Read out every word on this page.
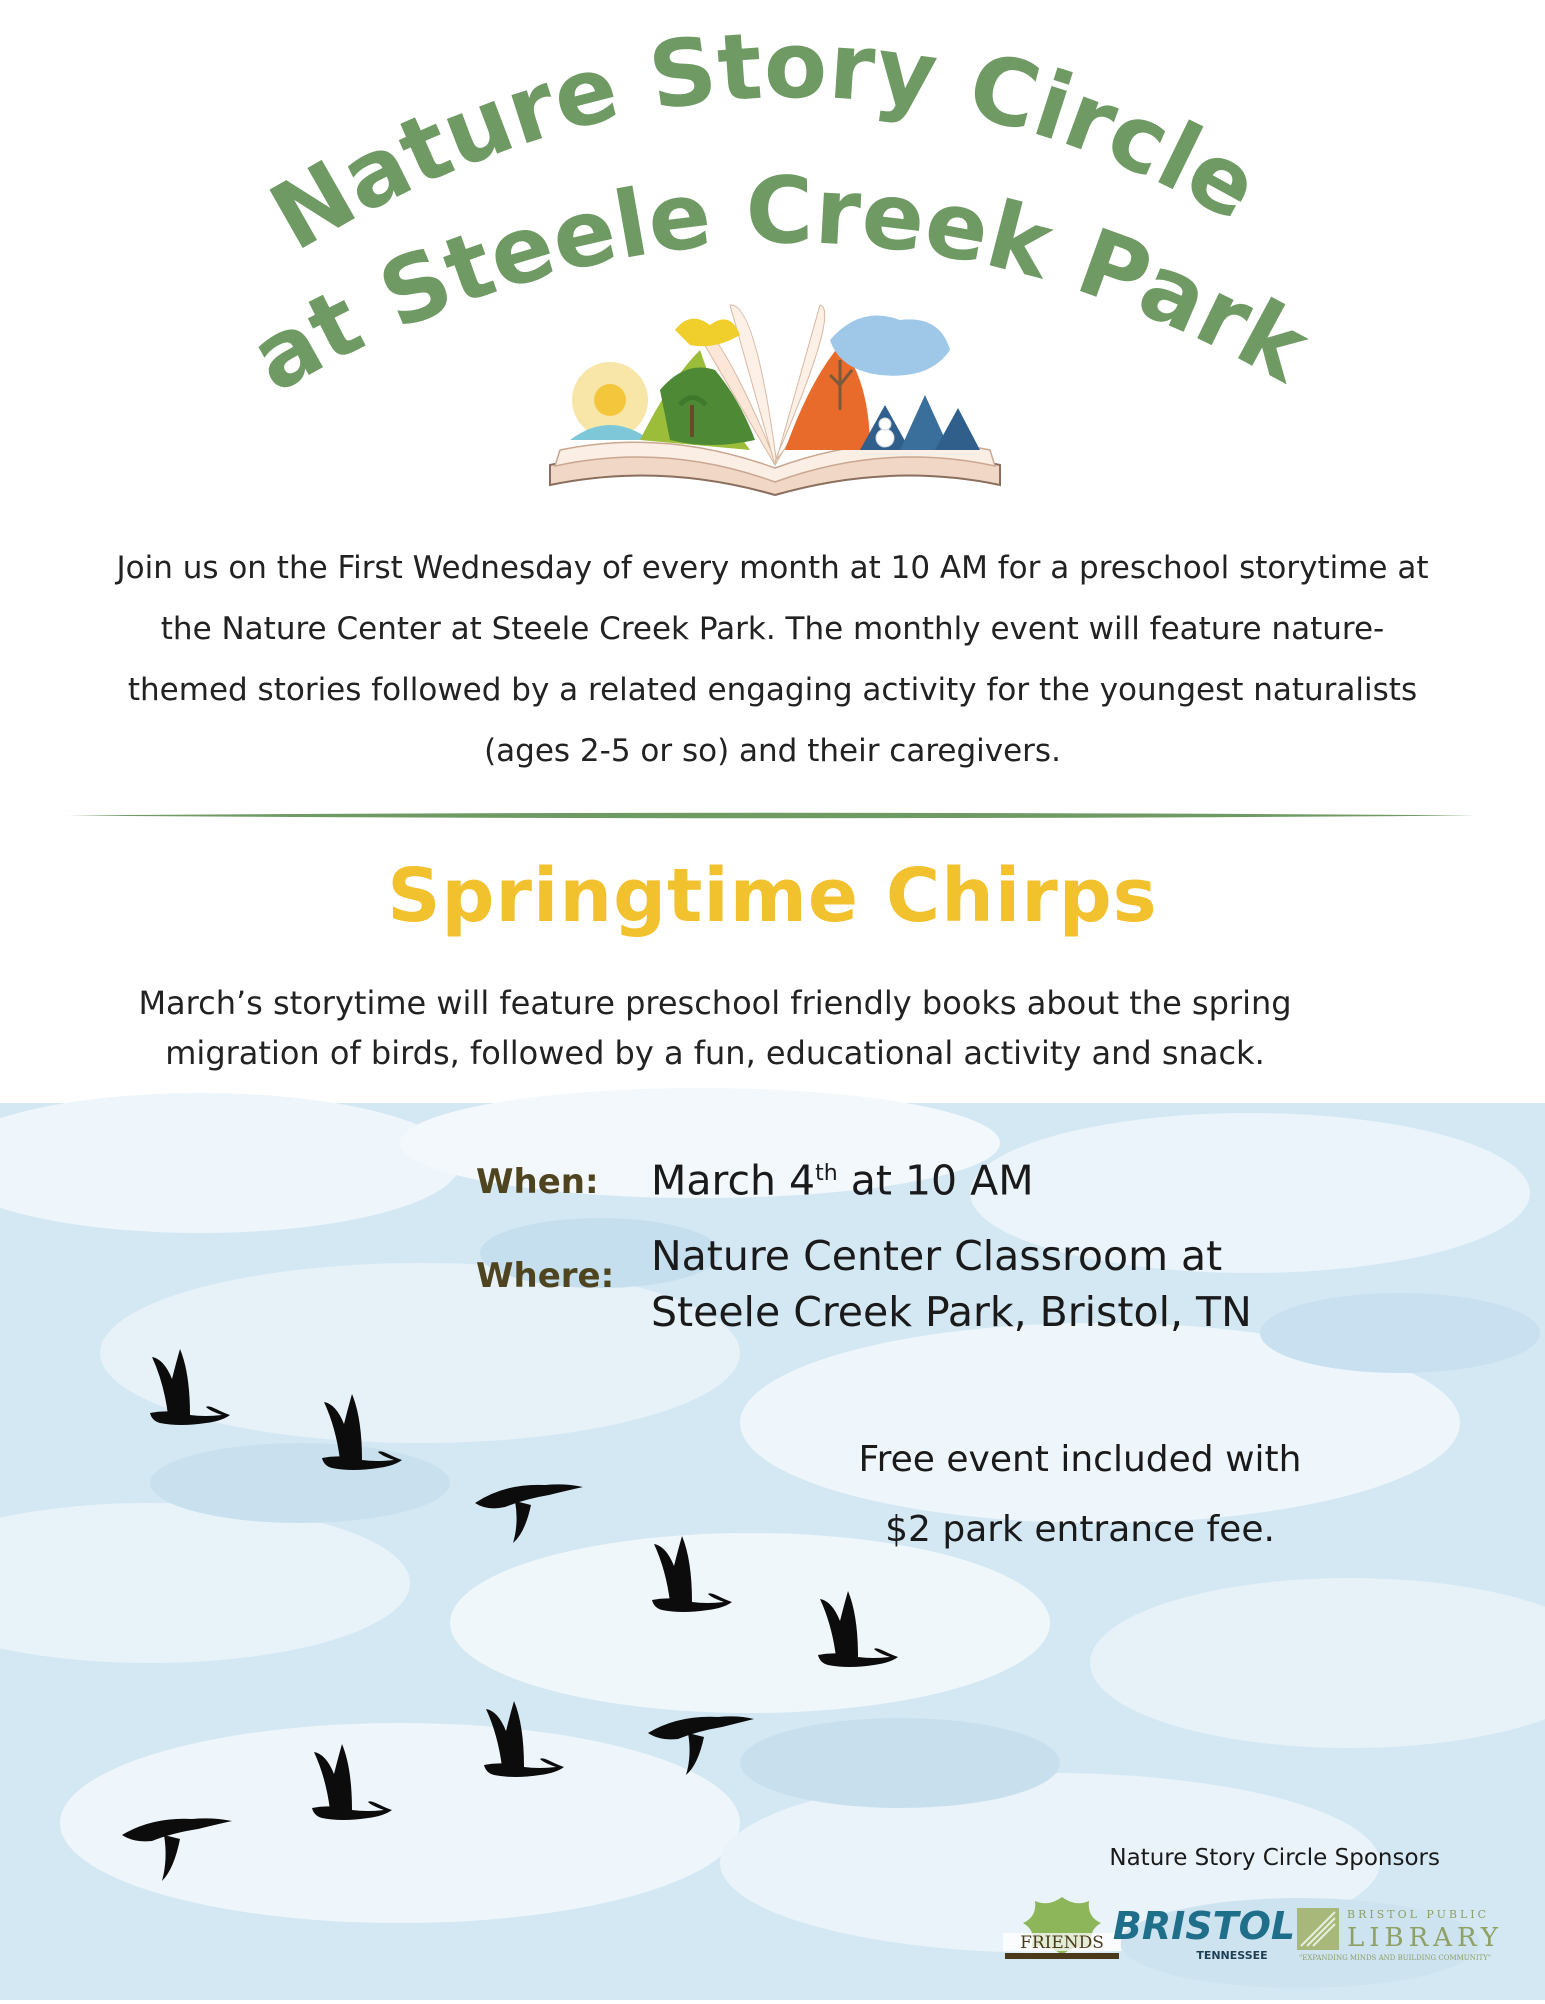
Nature Story Circle
at Steele Creek Park
Join us on the First Wednesday of every month at 10 AM for a preschool storytime at the Nature Center at Steele Creek Park. The monthly event will feature nature-themed stories followed by a related engaging activity for the youngest naturalists (ages 2-5 or so) and their caregivers.
Springtime Chirps
March’s storytime will feature preschool friendly books about the spring
migration of birds, followed by a fun, educational activity and snack.
When: March 4th at 10 AM
Where: Nature Center Classroom at
Steele Creek Park, Bristol, TN
Free event included with
$2 park entrance fee.
Nature Story Circle Sponsors
FRIENDS BRISTOL
TENNESSEE
BRISTOL PUBLIC
LIBRARY
"EXPANDING MINDS AND BUILDING COMMUNITY"
